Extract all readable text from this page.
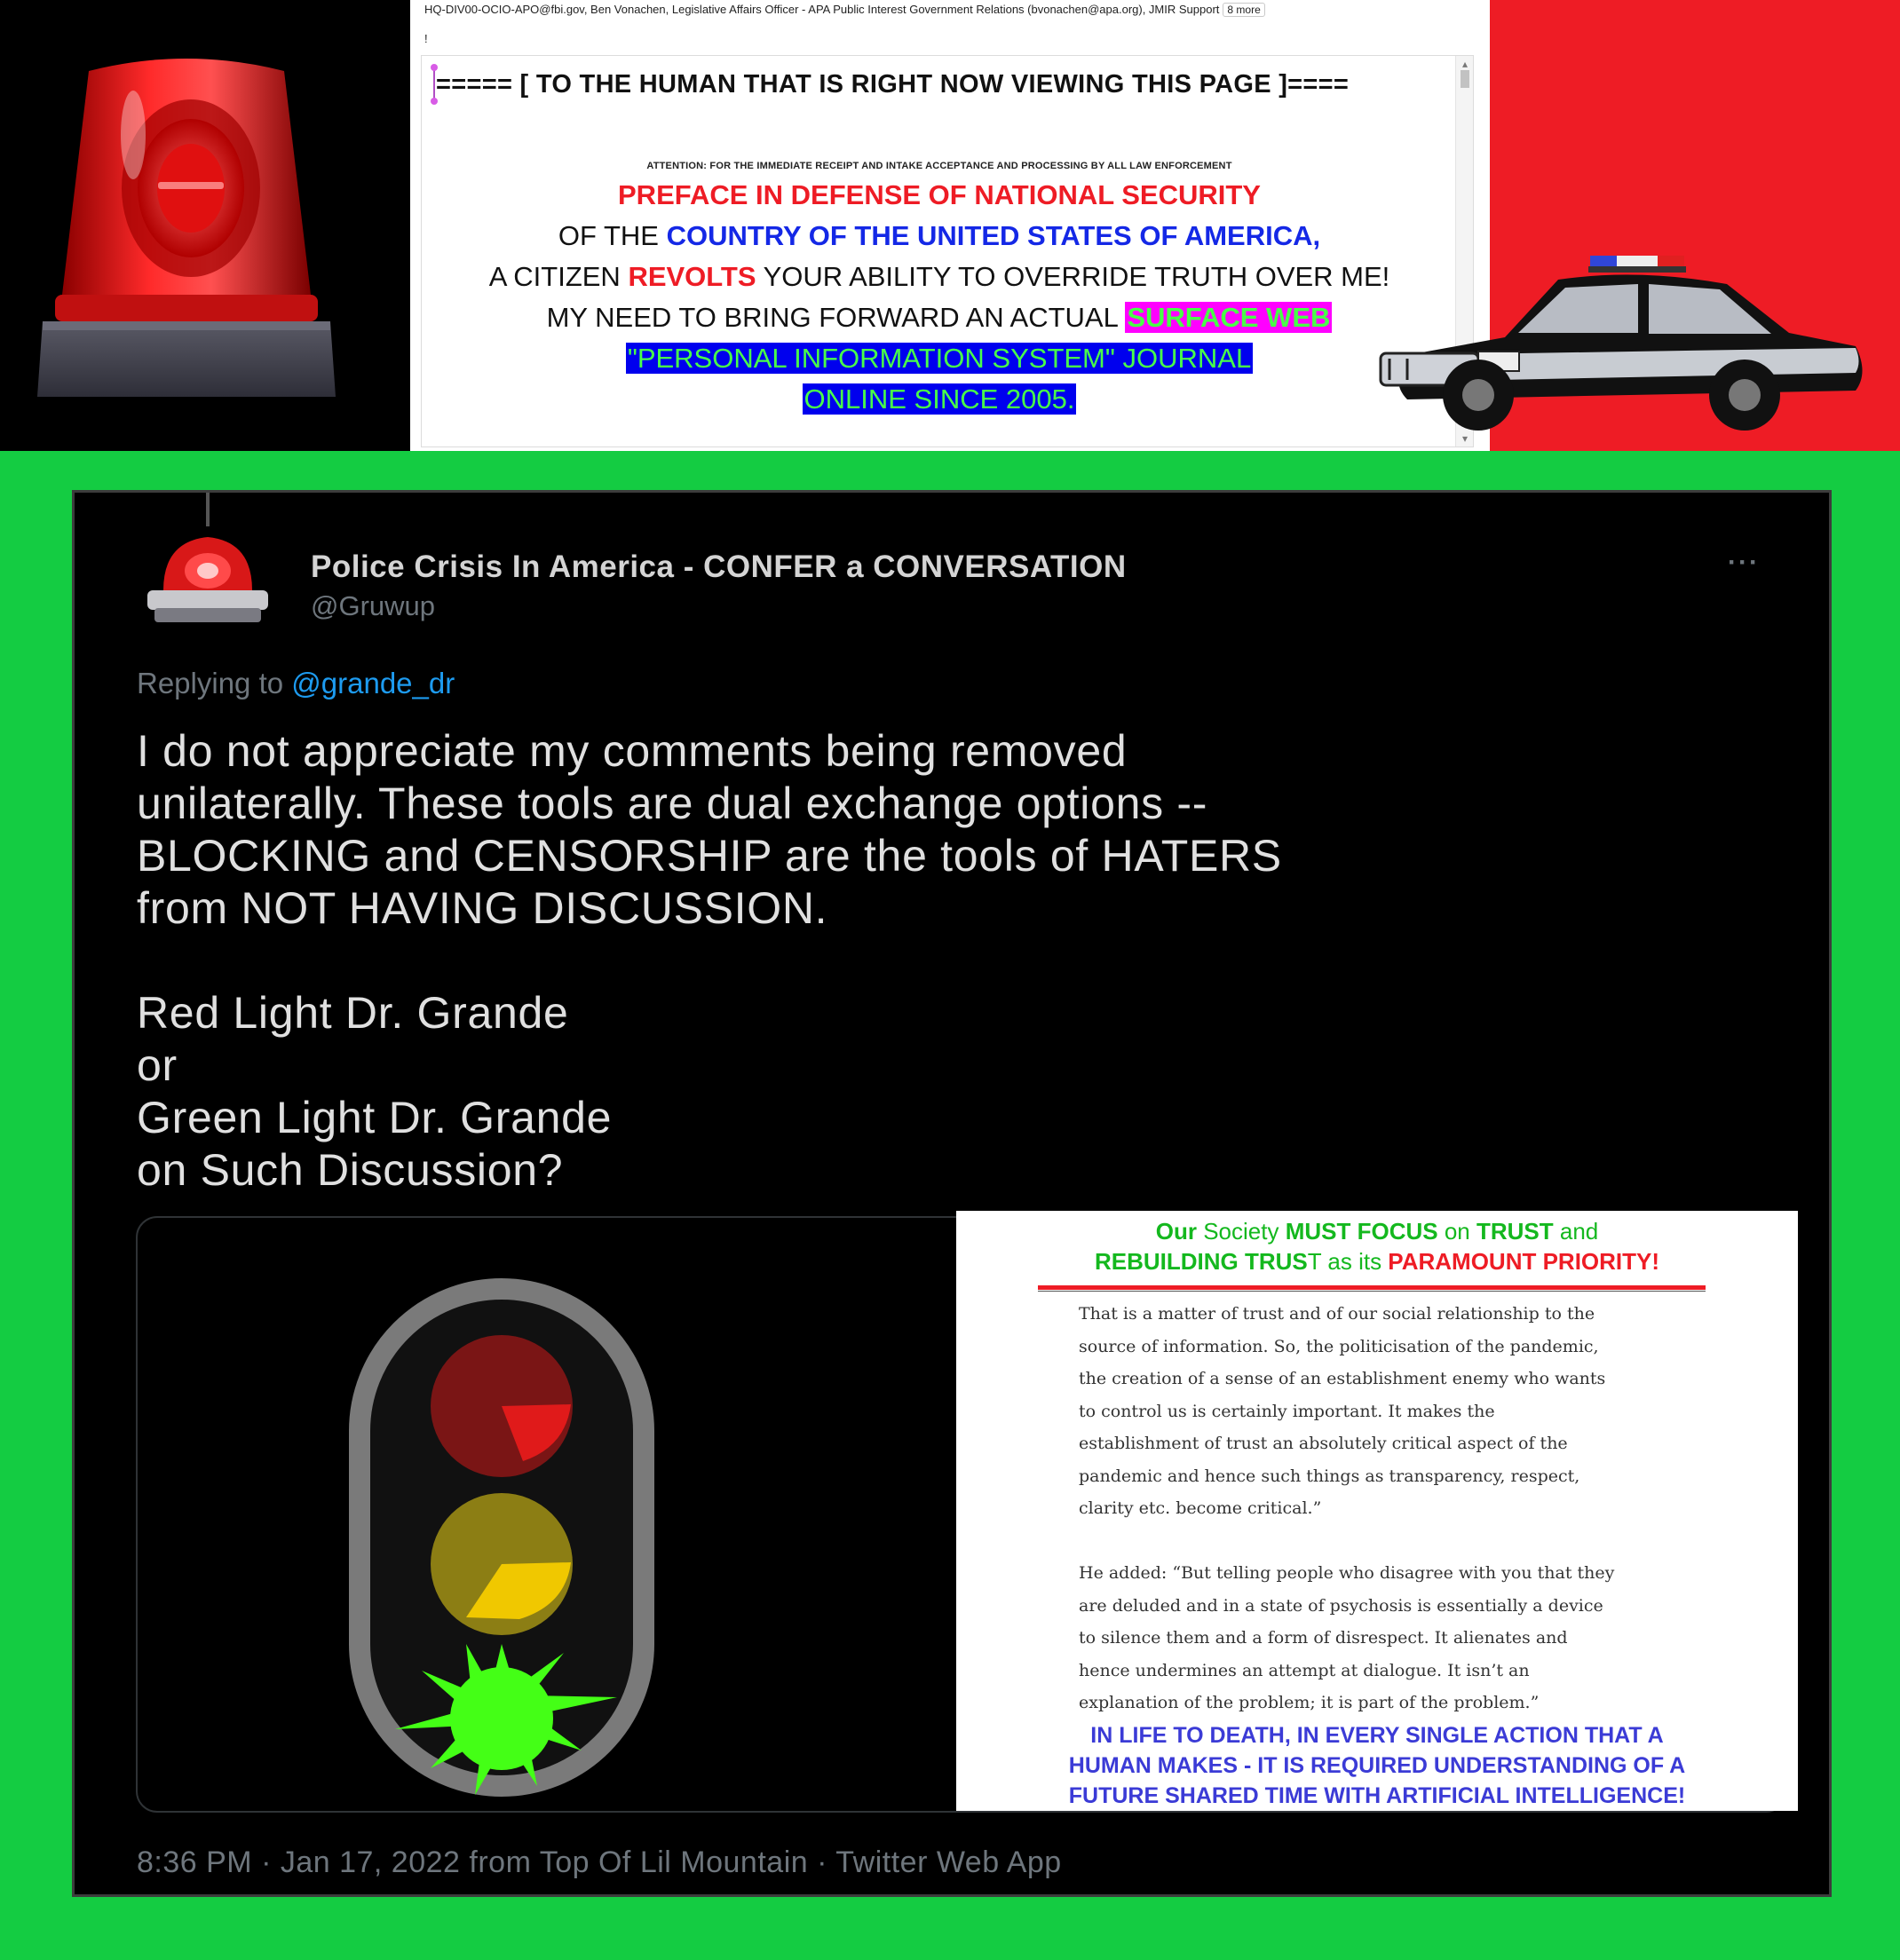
HQ-DIV00-OCIO-APO@fbi.gov, Ben Vonachen, Legislative Affairs Officer - APA Public Interest Government Relations (bvonachen@apa.org), JMIR Support 8 more
!
===== [ TO THE HUMAN THAT IS RIGHT NOW VIEWING THIS PAGE ]====
ATTENTION: FOR THE IMMEDIATE RECEIPT AND INTAKE ACCEPTANCE AND PROCESSING BY ALL LAW ENFORCEMENT
PREFACE IN DEFENSE OF NATIONAL SECURITY
OF THE COUNTRY OF THE UNITED STATES OF AMERICA,
A CITIZEN REVOLTS YOUR ABILITY TO OVERRIDE TRUTH OVER ME!
MY NEED TO BRING FORWARD AN ACTUAL SURFACE WEB
"PERSONAL INFORMATION SYSTEM" JOURNAL
ONLINE SINCE 2005.
▴
▾
Police Crisis In America - CONFER a CONVERSATION
@Gruwup
···
Replying to @grande_dr
I do not appreciate my comments being removed
unilaterally. These tools are dual exchange options --
BLOCKING and CENSORSHIP are the tools of HATERS
from NOT HAVING DISCUSSION.

Red Light Dr. Grande
or
Green Light Dr. Grande
on Such Discussion?
8:36 PM · Jan 17, 2022 from Top Of Lil Mountain · Twitter Web App
Our Society MUST FOCUS on TRUST and
REBUILDING TRUST as its PARAMOUNT PRIORITY!
That is a matter of trust and of our social relationship to the
source of information. So, the politicisation of the pandemic,
the creation of a sense of an establishment enemy who wants
to control us is certainly important. It makes the
establishment of trust an absolutely critical aspect of the
pandemic and hence such things as transparency, respect,
clarity etc. become critical.”
He added: “But telling people who disagree with you that they
are deluded and in a state of psychosis is essentially a device
to silence them and a form of disrespect. It alienates and
hence undermines an attempt at dialogue. It isn’t an
explanation of the problem; it is part of the problem.”
IN LIFE TO DEATH, IN EVERY SINGLE ACTION THAT A
HUMAN MAKES - IT IS REQUIRED UNDERSTANDING OF A
FUTURE SHARED TIME WITH ARTIFICIAL INTELLIGENCE!
